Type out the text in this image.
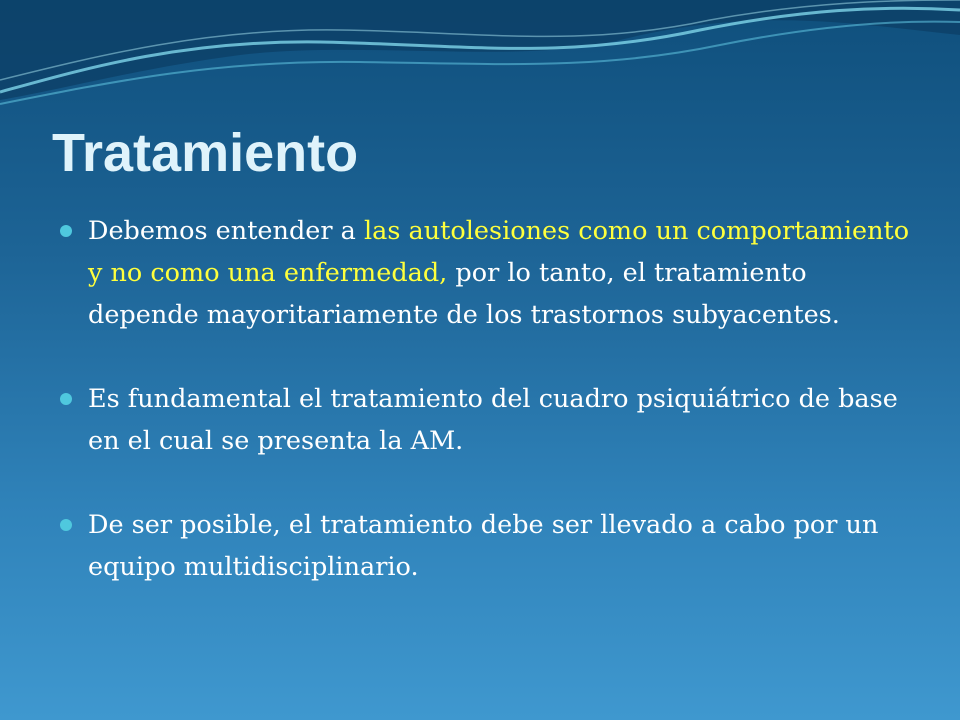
Tratamiento
Debemos entender a las autolesiones como un comportamiento y no como una enfermedad, por lo tanto, el tratamiento depende mayoritariamente de los trastornos subyacentes.
Es fundamental el tratamiento del cuadro psiquiátrico de base en el cual se presenta la AM.
De ser posible, el tratamiento debe ser llevado a cabo por un equipo multidisciplinario.
